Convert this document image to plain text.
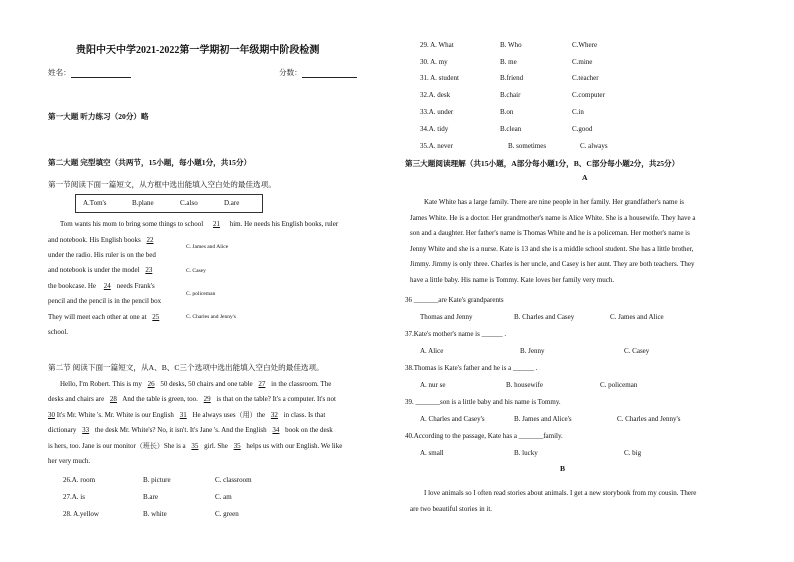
贵阳中天中学2021-2022第一学期初一年级期中阶段检测
姓名：	分数：
第一大题 听力练习（20分）略
第二大题 完型填空（共两节，15小题，每小题1分，共15分）
第一节阅读下面一篇短文，从方框中选出能填入空白处的最佳选项。
A.Tom's	B.plane	C.also	D.are
Tom wants his mom to bring some things to school 21 him. He needs his English books, ruler
and notebook. His English books 22
under the radio. His ruler is on the bed
and notebook is under the model 23
the bookcase. He 24 needs Frank's
pencil and the pencil is in the pencil box
They will meet each other at one at 25
school.
C. James and Alice
C. Casey
C. policeman
C. Charles and Jenny's
第二节 阅读下面一篇短文，从A、B、C三个选项中选出能填入空白处的最佳选项。
Hello, I'm Robert. This is my 26 50 desks, 50 chairs and one table 27 in the classroom. The
desks and chairs are 28 And the table is green, too. 29 is that on the table? It's a computer. It's not
30 It's Mr. White 's. Mr. White is our English 31 He always uses（用）the 32 in class. Is that
dictionary 33 the desk Mr. White's? No, it isn't. It's Jane 's. And the English 34 book on the desk
is hers, too. Jane is our monitor（班长）She is a 35 girl. She 35 helps us with our English. We like
her very much.
26.A. room	B. picture	C. classroom
27.A. is	B.are	C. am
28. A.yellow	B. white	C. green
29. A. What	B. Who	C.Where
30. A. my	B. me	C.mine
31. A. student	B.friend	C.teacher
32.A. desk	B.chair	C.computer
33.A. under	B.on	C.in
34.A. tidy	B.clean	C.good
35.A. never	B. sometimes	C. always
第三大题阅读理解（共15小题，A部分每小题1分，B、C部分每小题2分，共25分）
A
Kate White has a large family. There are nine people in her family. Her grandfather's name is
James White. He is a doctor. Her grandmother's name is Alice White. She is a housewife. They have a
son and a daughter. Her father's name is Thomas White and he is a policeman. Her mother's name is
Jenny White and she is a nurse. Kate is 13 and she is a middle school student. She has a little brother,
Jimmy. Jimmy is only three. Charles is her uncle, and Casey is her aunt. They are both teachers. They
have a little baby. His name is Tommy. Kate loves her family very much.
36 _______are Kate's grandparents
Thomas and Jenny	B. Charles and Casey	C. James and Alice
37.Kate's mother's name is ______ .
A. Alice	B. Jenny	C. Casey
38.Thomas is Kate's father and he is a ______ .
A. nur se	B. housewife	C. policeman
39. _______son is a little baby and his name is Tommy.
A. Charles and Casey's	B. James and Alice's	C. Charles and Jenny's
40.According to the passage, Kate has a _______family.
A. small	B. lucky	C. big
B
I love animals so I often read stories about animals. I get a new storybook from my cousin. There
are two beautiful stories in it.
